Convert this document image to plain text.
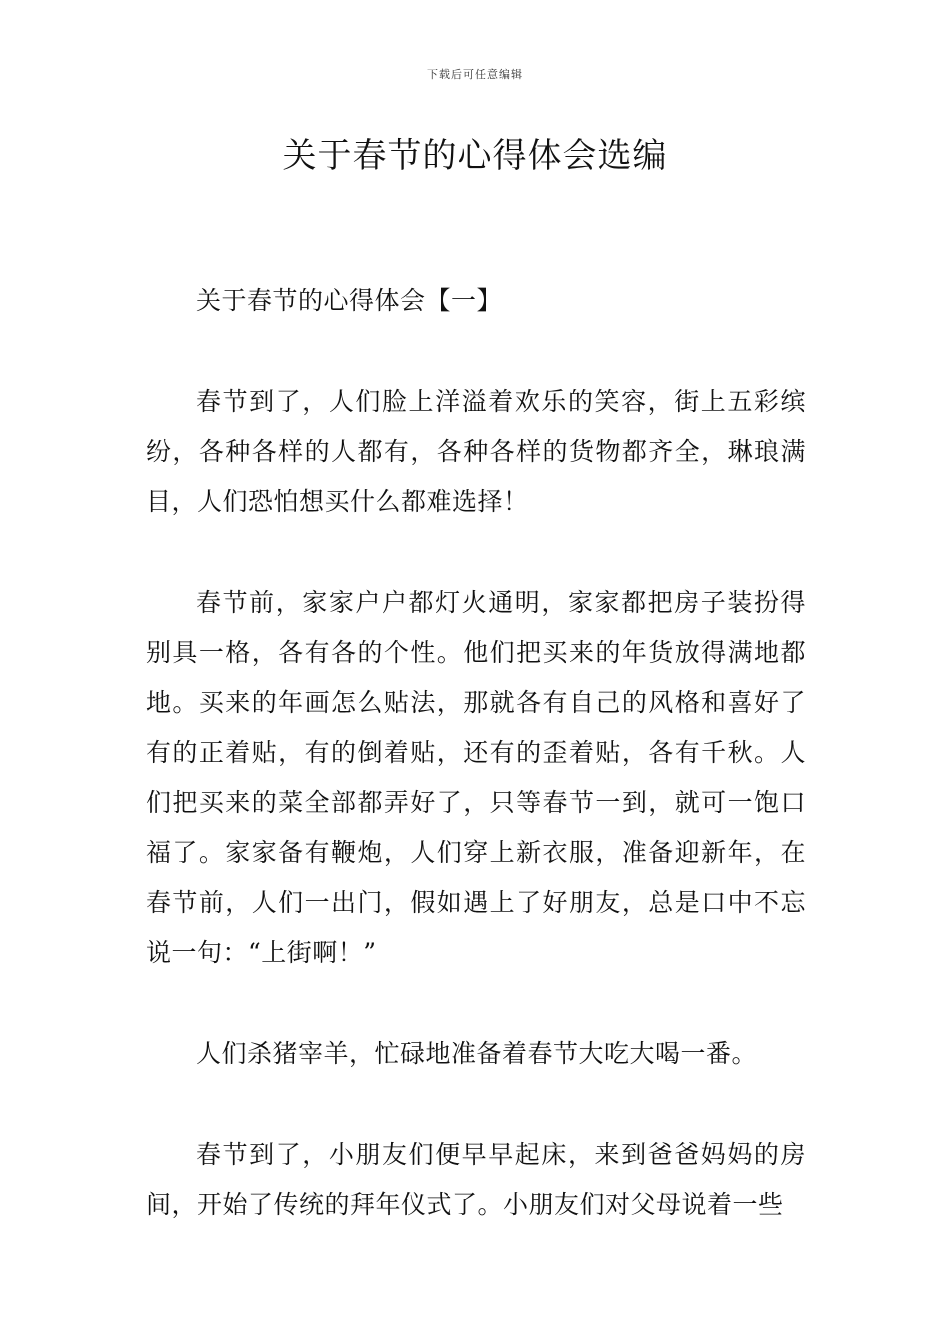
下载后可任意编辑
关于春节的心得体会选编

关于春节的心得体会【一】

春节到了，人们脸上洋溢着欢乐的笑容，街上五彩缤纷，各种各样的人都有，各种各样的货物都齐全，琳琅满目，人们恐怕想买什么都难选择！

春节前，家家户户都灯火通明，家家都把房子装扮得别具一格，各有各的个性。他们把买来的年货放得满地都地。买来的年画怎么贴法，那就各有自己的风格和喜好了有的正着贴，有的倒着贴，还有的歪着贴，各有千秋。人们把买来的菜全部都弄好了，只等春节一到，就可一饱口福了。家家备有鞭炮，人们穿上新衣服，准备迎新年，在春节前，人们一出门，假如遇上了好朋友，总是口中不忘说一句：“上街啊！”

人们杀猪宰羊，忙碌地准备着春节大吃大喝一番。

春节到了，小朋友们便早早起床，来到爸爸妈妈的房间，开始了传统的拜年仪式了。小朋友们对父母说着一些
